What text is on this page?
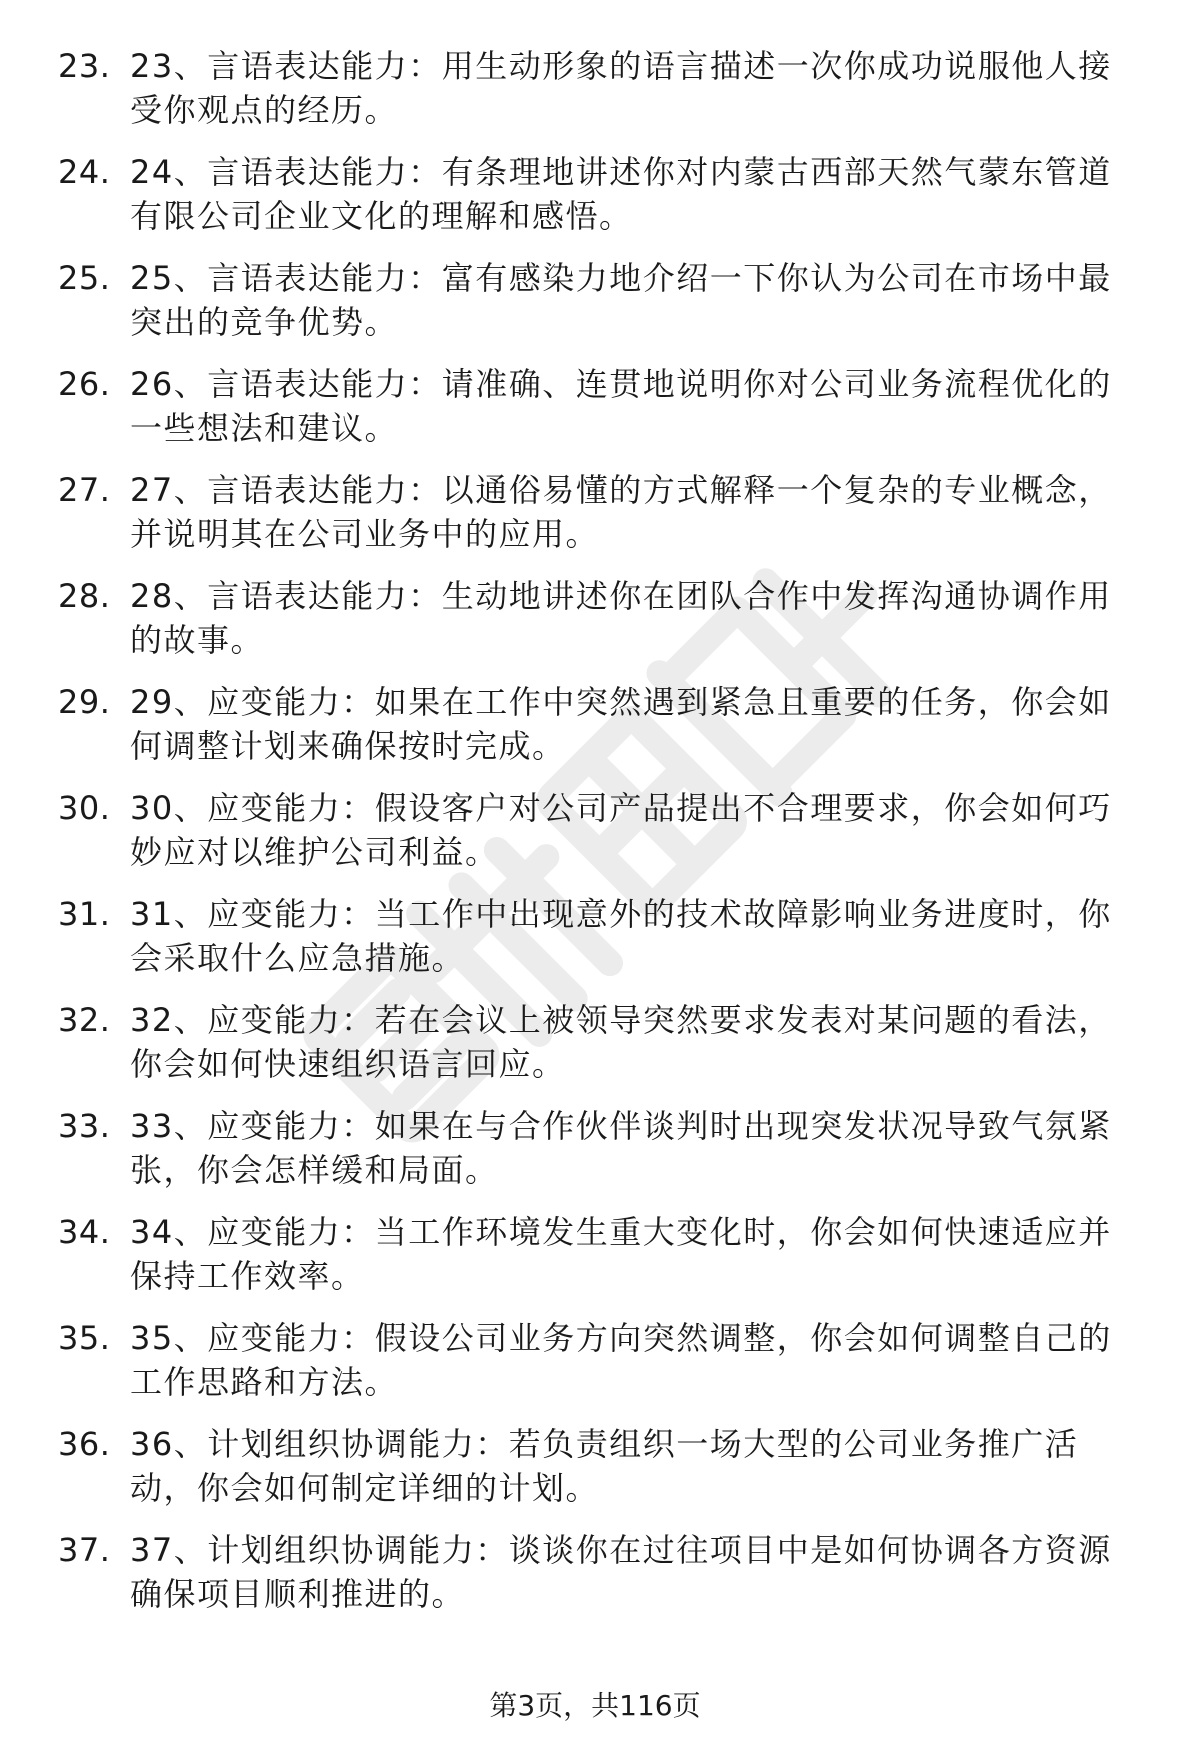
23. 23、言语表达能力：用生动形象的语言描述一次你成功说服他人接受你观点的经历。
24. 24、言语表达能力：有条理地讲述你对内蒙古西部天然气蒙东管道有限公司企业文化的理解和感悟。
25. 25、言语表达能力：富有感染力地介绍一下你认为公司在市场中最突出的竞争优势。
26. 26、言语表达能力：请准确、连贯地说明你对公司业务流程优化的一些想法和建议。
27. 27、言语表达能力：以通俗易懂的方式解释一个复杂的专业概念，并说明其在公司业务中的应用。
28. 28、言语表达能力：生动地讲述你在团队合作中发挥沟通协调作用的故事。
29. 29、应变能力：如果在工作中突然遇到紧急且重要的任务，你会如何调整计划来确保按时完成。
30. 30、应变能力：假设客户对公司产品提出不合理要求，你会如何巧妙应对以维护公司利益。
31. 31、应变能力：当工作中出现意外的技术故障影响业务进度时，你会采取什么应急措施。
32. 32、应变能力：若在会议上被领导突然要求发表对某问题的看法，你会如何快速组织语言回应。
33. 33、应变能力：如果在与合作伙伴谈判时出现突发状况导致气氛紧张，你会怎样缓和局面。
34. 34、应变能力：当工作环境发生重大变化时，你会如何快速适应并保持工作效率。
35. 35、应变能力：假设公司业务方向突然调整，你会如何调整自己的工作思路和方法。
36. 36、计划组织协调能力：若负责组织一场大型的公司业务推广活动，你会如何制定详细的计划。
37. 37、计划组织协调能力：谈谈你在过往项目中是如何协调各方资源确保项目顺利推进的。
第3页，共116页
